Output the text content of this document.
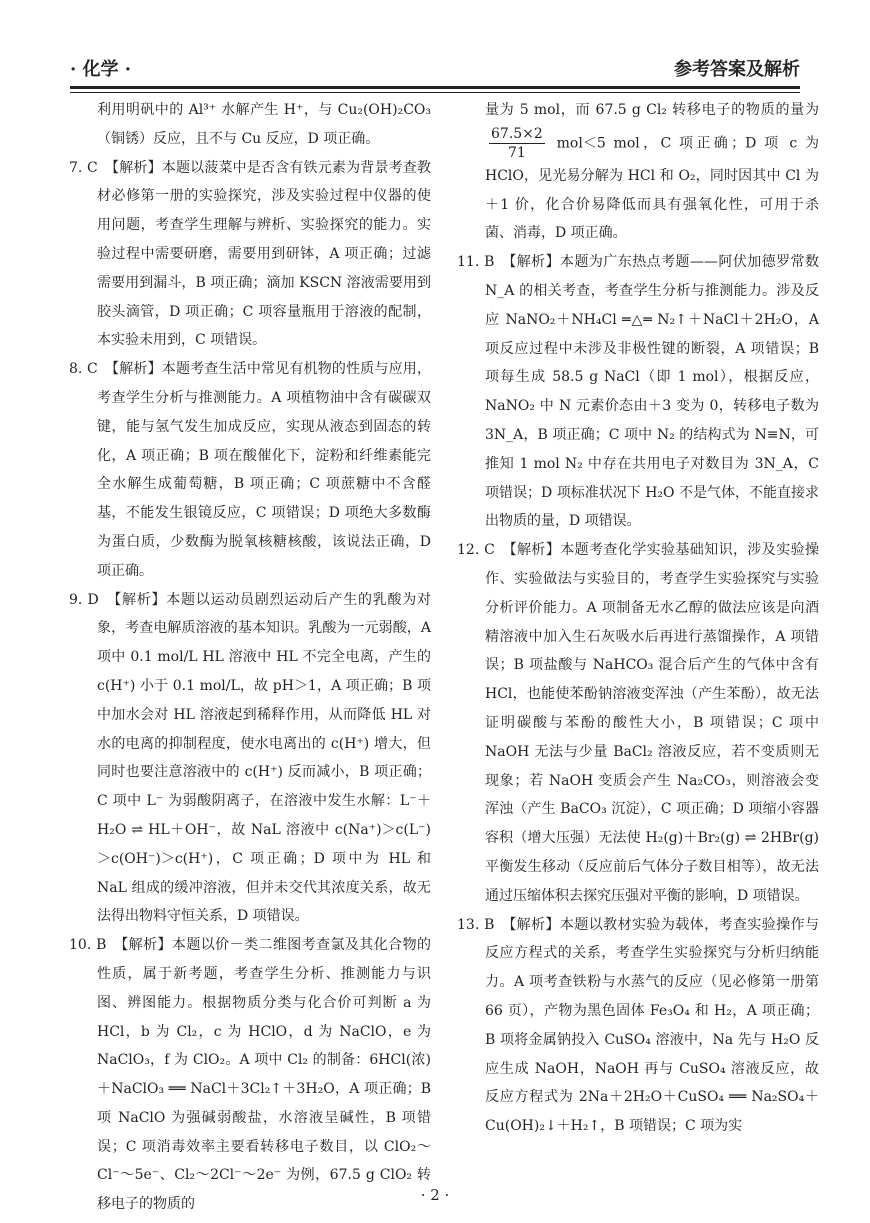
· 化学 ·	参考答案及解析

利用明矾中的 Al³⁺ 水解产生 H⁺，与 Cu₂(OH)₂CO₃（铜锈）反应，且不与 Cu 反应，D 项正确。

7. C　【解析】本题以菠菜中是否含有铁元素为背景考查教材必修第一册的实验探究，涉及实验过程中仪器的使用问题，考查学生理解与辨析、实验探究的能力。实验过程中需要研磨，需要用到研钵，A 项正确；过滤需要用到漏斗，B 项正确；滴加 KSCN 溶液需要用到胶头滴管，D 项正确；C 项容量瓶用于溶液的配制，本实验未用到，C 项错误。

8. C　【解析】本题考查生活中常见有机物的性质与应用，考查学生分析与推测能力。A 项植物油中含有碳碳双键，能与氢气发生加成反应，实现从液态到固态的转化，A 项正确；B 项在酸催化下，淀粉和纤维素能完全水解生成葡萄糖，B 项正确；C 项蔗糖中不含醛基，不能发生银镜反应，C 项错误；D 项绝大多数酶为蛋白质，少数酶为脱氧核糖核酸，该说法正确，D 项正确。

9. D　【解析】本题以运动员剧烈运动后产生的乳酸为对象，考查电解质溶液的基本知识。乳酸为一元弱酸，A 项中 0.1 mol/L HL 溶液中 HL 不完全电离，产生的 c(H⁺) 小于 0.1 mol/L，故 pH＞1，A 项正确；B 项中加水会对 HL 溶液起到稀释作用，从而降低 HL 对水的电离的抑制程度，使水电离出的 c(H⁺) 增大，但同时也要注意溶液中的 c(H⁺) 反而减小，B 项正确；C 项中 L⁻ 为弱酸阴离子，在溶液中发生水解：L⁻＋H₂O ⇌ HL＋OH⁻，故 NaL 溶液中 c(Na⁺)＞c(L⁻)＞c(OH⁻)＞c(H⁺)，C 项正确；D 项中为 HL 和 NaL 组成的缓冲溶液，但并未交代其浓度关系，故无法得出物料守恒关系，D 项错误。

10. B　【解析】本题以价－类二维图考查氯及其化合物的性质，属于新考题，考查学生分析、推测能力与识图、辨图能力。根据物质分类与化合价可判断 a 为 HCl，b 为 Cl₂，c 为 HClO，d 为 NaClO，e 为 NaClO₃，f 为 ClO₂。A 项中 Cl₂ 的制备：6HCl(浓)＋NaClO₃ ══ NaCl＋3Cl₂↑＋3H₂O，A 项正确；B 项 NaClO 为强碱弱酸盐，水溶液呈碱性，B 项错误；C 项消毒效率主要看转移电子数目，以 ClO₂～Cl⁻～5e⁻、Cl₂～2Cl⁻～2e⁻ 为例，67.5 g ClO₂ 转移电子的物质的

量为 5 mol，而 67.5 g Cl₂ 转移电子的物质的量为
$\frac{67.5\times 2}{71} mol<5$ mol，C 项正确；D 项 c 为 HClO，见光易分解为 HCl 和 O₂，同时因其中 Cl 为＋1 价，化合价易降低而具有强氧化性，可用于杀菌、消毒，D 项正确。

11. B　【解析】本题为广东热点考题——阿伏加德罗常数 N_A 的相关考查，考查学生分析与推测能力。涉及反应 NaNO₂＋NH₄Cl ═△═ N₂↑＋NaCl＋2H₂O，A 项反应过程中未涉及非极性键的断裂，A 项错误；B 项每生成 58.5 g NaCl（即 1 mol），根据反应，NaNO₂ 中 N 元素价态由＋3 变为 0，转移电子数为 3N_A，B 项正确；C 项中 N₂ 的结构式为 N≡N，可推知 1 mol N₂ 中存在共用电子对数目为 3N_A，C 项错误；D 项标准状况下 H₂O 不是气体，不能直接求出物质的量，D 项错误。

12. C　【解析】本题考查化学实验基础知识，涉及实验操作、实验做法与实验目的，考查学生实验探究与实验分析评价能力。A 项制备无水乙醇的做法应该是向酒精溶液中加入生石灰吸水后再进行蒸馏操作，A 项错误；B 项盐酸与 NaHCO₃ 混合后产生的气体中含有 HCl，也能使苯酚钠溶液变浑浊（产生苯酚），故无法证明碳酸与苯酚的酸性大小，B 项错误；C 项中 NaOH 无法与少量 BaCl₂ 溶液反应，若不变质则无现象；若 NaOH 变质会产生 Na₂CO₃，则溶液会变浑浊（产生 BaCO₃ 沉淀），C 项正确；D 项缩小容器容积（增大压强）无法使 H₂(g)＋Br₂(g) ⇌ 2HBr(g) 平衡发生移动（反应前后气体分子数目相等），故无法通过压缩体积去探究压强对平衡的影响，D 项错误。

13. B　【解析】本题以教材实验为载体，考查实验操作与反应方程式的关系，考查学生实验探究与分析归纳能力。A 项考查铁粉与水蒸气的反应（见必修第一册第 66 页），产物为黑色固体 Fe₃O₄ 和 H₂，A 项正确；B 项将金属钠投入 CuSO₄ 溶液中，Na 先与 H₂O 反应生成 NaOH，NaOH 再与 CuSO₄ 溶液反应，故反应方程式为 2Na＋2H₂O＋CuSO₄ ══ Na₂SO₄＋Cu(OH)₂↓＋H₂↑，B 项错误；C 项为实

· 2 ·
